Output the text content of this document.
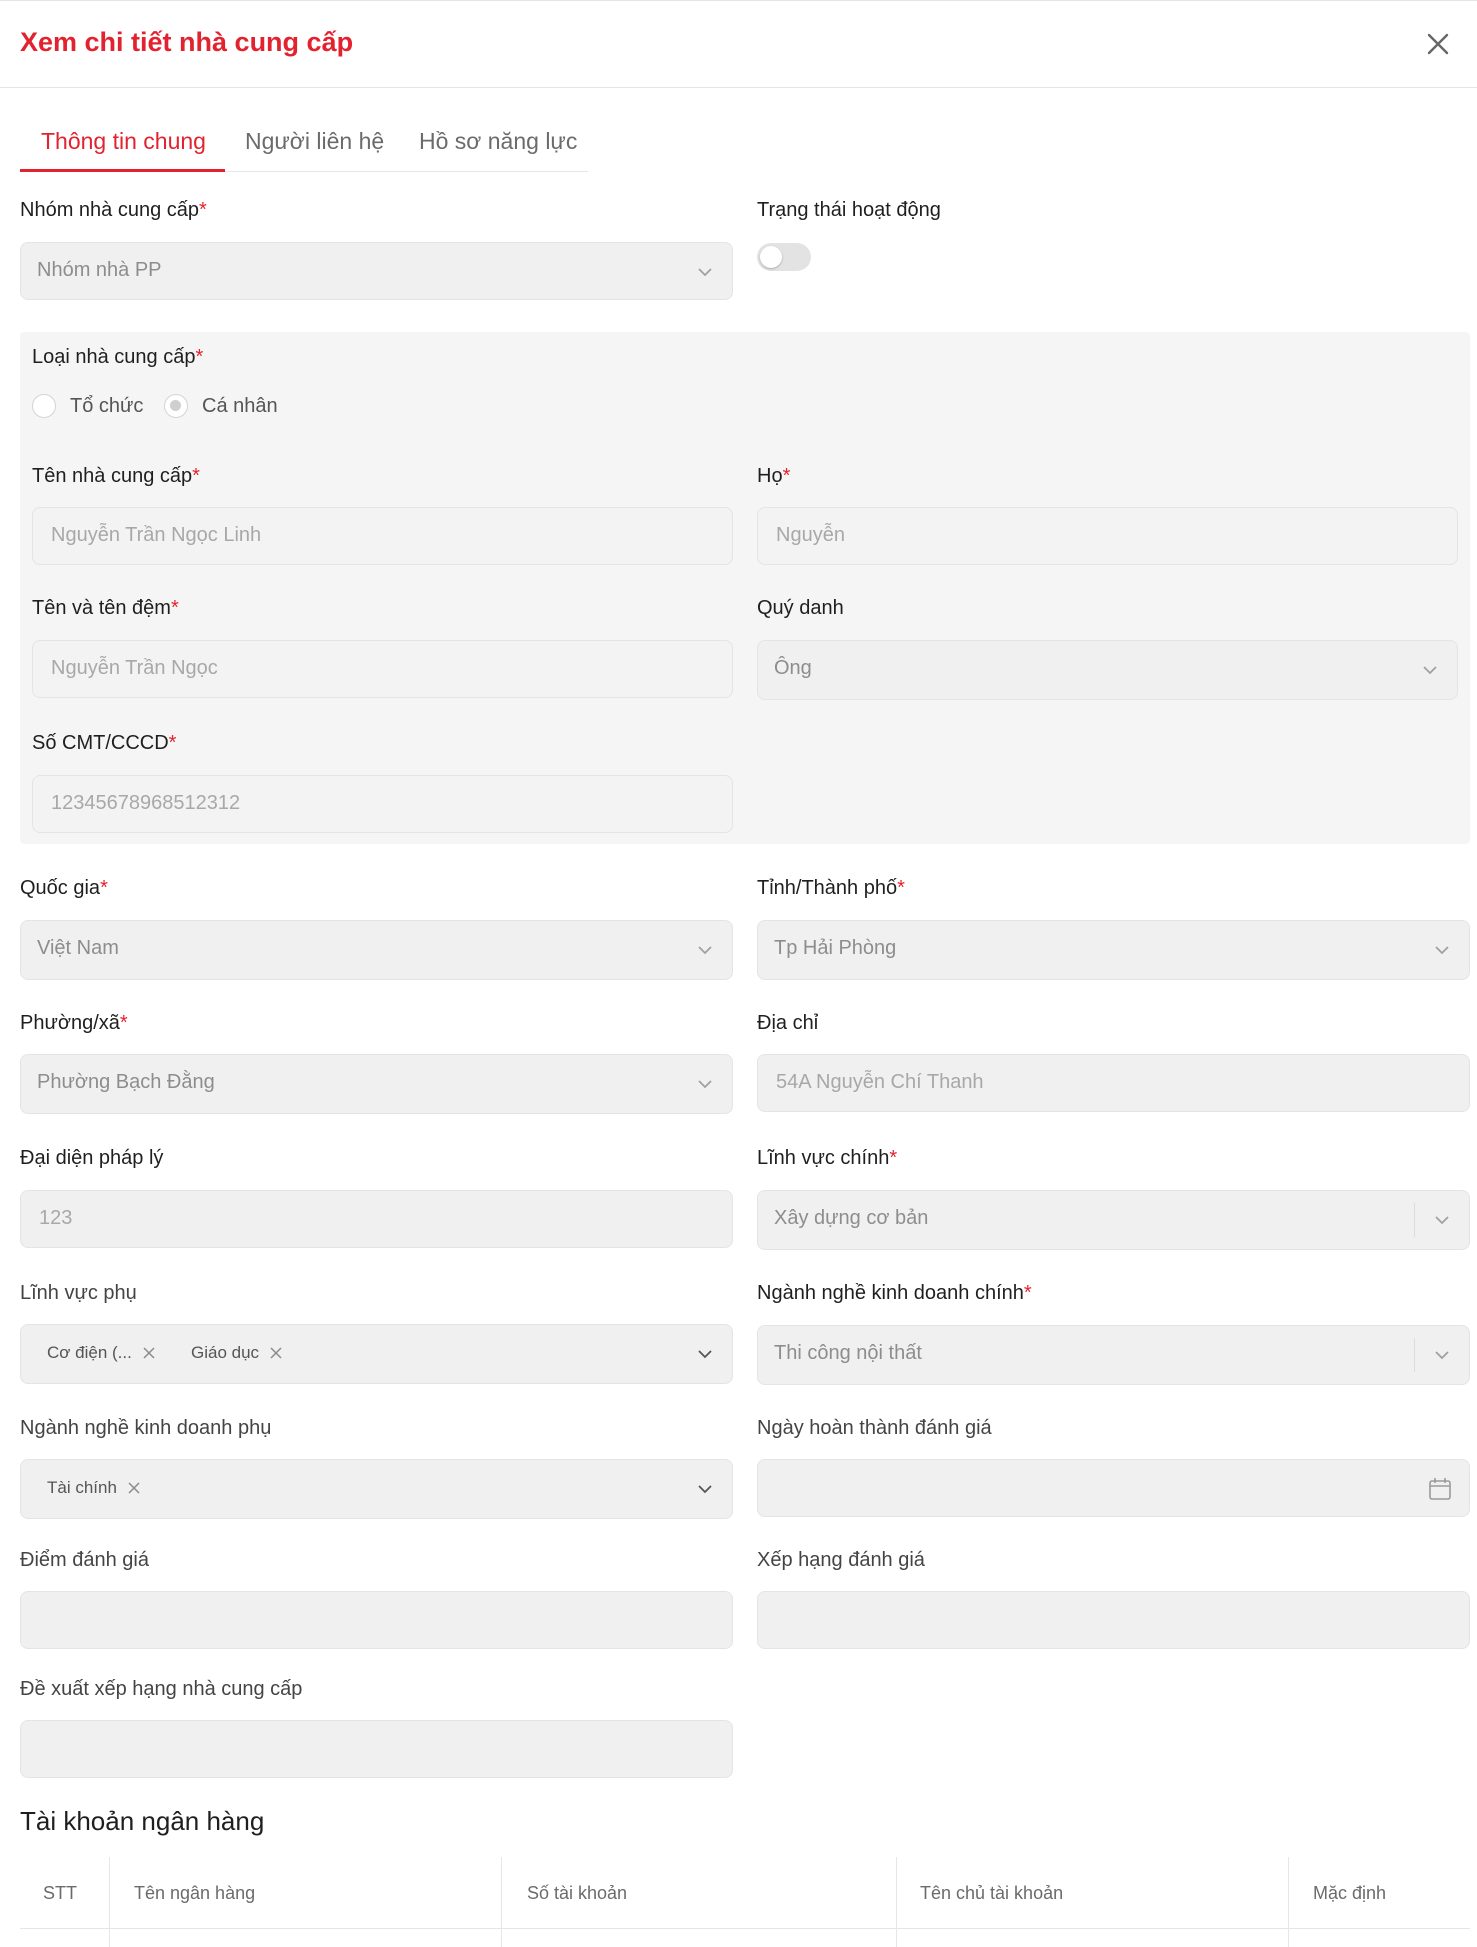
Xem chi tiết nhà cung cấp
Thông tin chung Người liên hệ Hồ sơ năng lực
Nhóm nhà cung cấp*
Nhóm nhà PP
Trạng thái hoạt động
Loại nhà cung cấp*
Tổ chức	Cá nhân
Tên nhà cung cấp*
Nguyễn Trần Ngọc Linh
Họ*
Nguyễn
Tên và tên đệm*
Nguyễn Trần Ngọc
Quý danh
Ông
Số CMT/CCCD*
12345678968512312
Quốc gia*
Việt Nam
Tỉnh/Thành phố*
Tp Hải Phòng
Phường/xã*
Phường Bạch Đằng
Địa chỉ
54A Nguyễn Chí Thanh
Đại diện pháp lý
123
Lĩnh vực chính*
Xây dựng cơ bản
Lĩnh vực phụ
Cơ điện (...	Giáo dục
Ngành nghề kinh doanh chính*
Thi công nội thất
Ngành nghề kinh doanh phụ
Tài chính
Ngày hoàn thành đánh giá
Điểm đánh giá	Xếp hạng đánh giá
Đề xuất xếp hạng nhà cung cấp
Tài khoản ngân hàng
STT	Tên ngân hàng	Số tài khoản	Tên chủ tài khoản	Mặc định
